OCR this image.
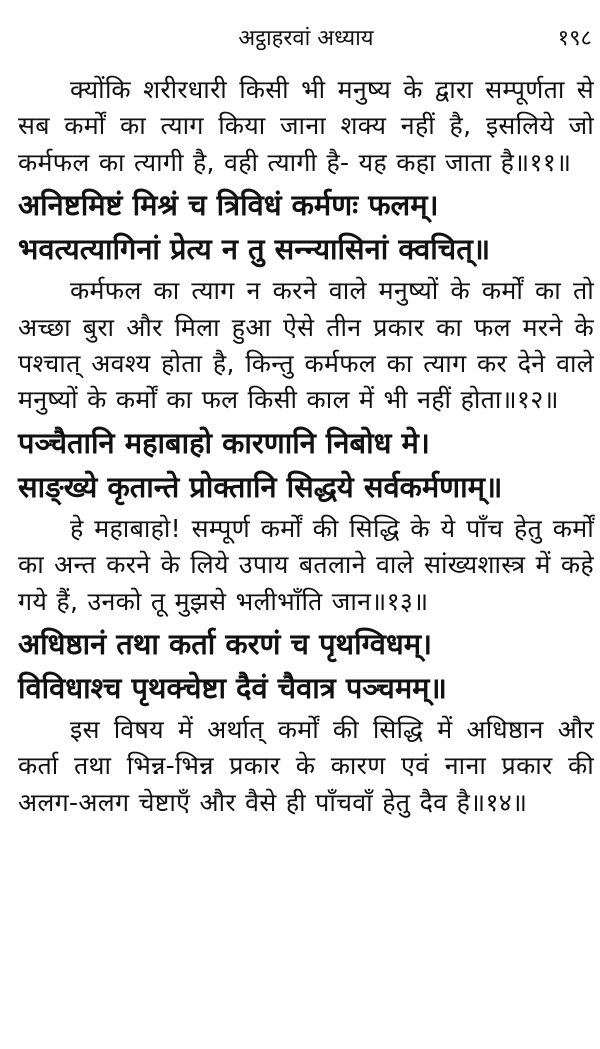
अट्ठाहरवां अध्याय	१९८

क्योंकि शरीरधारी किसी भी मनुष्य के द्वारा सम्पूर्णता से सब कर्मों का त्याग किया जाना शक्य नहीं है, इसलिये जो कर्मफल का त्यागी है, वही त्यागी है- यह कहा जाता है॥११॥

अनिष्टमिष्टं मिश्रं च त्रिविधं कर्मणः फलम्।
भवत्यत्यागिनां प्रेत्य न तु सन्न्यासिनां क्वचित्॥

कर्मफल का त्याग न करने वाले मनुष्यों के कर्मों का तो अच्छा बुरा और मिला हुआ ऐसे तीन प्रकार का फल मरने के पश्चात् अवश्य होता है, किन्तु कर्मफल का त्याग कर देने वाले मनुष्यों के कर्मों का फल किसी काल में भी नहीं होता॥१२॥

पञ्चैतानि महाबाहो कारणानि निबोध मे।
साङ्ख्ये कृतान्ते प्रोक्तानि सिद्धये सर्वकर्मणाम्॥

हे महाबाहो! सम्पूर्ण कर्मों की सिद्धि के ये पाँच हेतु कर्मों का अन्त करने के लिये उपाय बतलाने वाले सांख्यशास्त्र में कहे गये हैं, उनको तू मुझसे भलीभाँति जान॥१३॥

अधिष्ठानं तथा कर्ता करणं च पृथग्विधम्।
विविधाश्च पृथक्चेष्टा दैवं चैवात्र पञ्चमम्॥

इस विषय में अर्थात् कर्मों की सिद्धि में अधिष्ठान और कर्ता तथा भिन्न-भिन्न प्रकार के कारण एवं नाना प्रकार की अलग-अलग चेष्टाएँ और वैसे ही पाँचवाँ हेतु दैव है॥१४॥
